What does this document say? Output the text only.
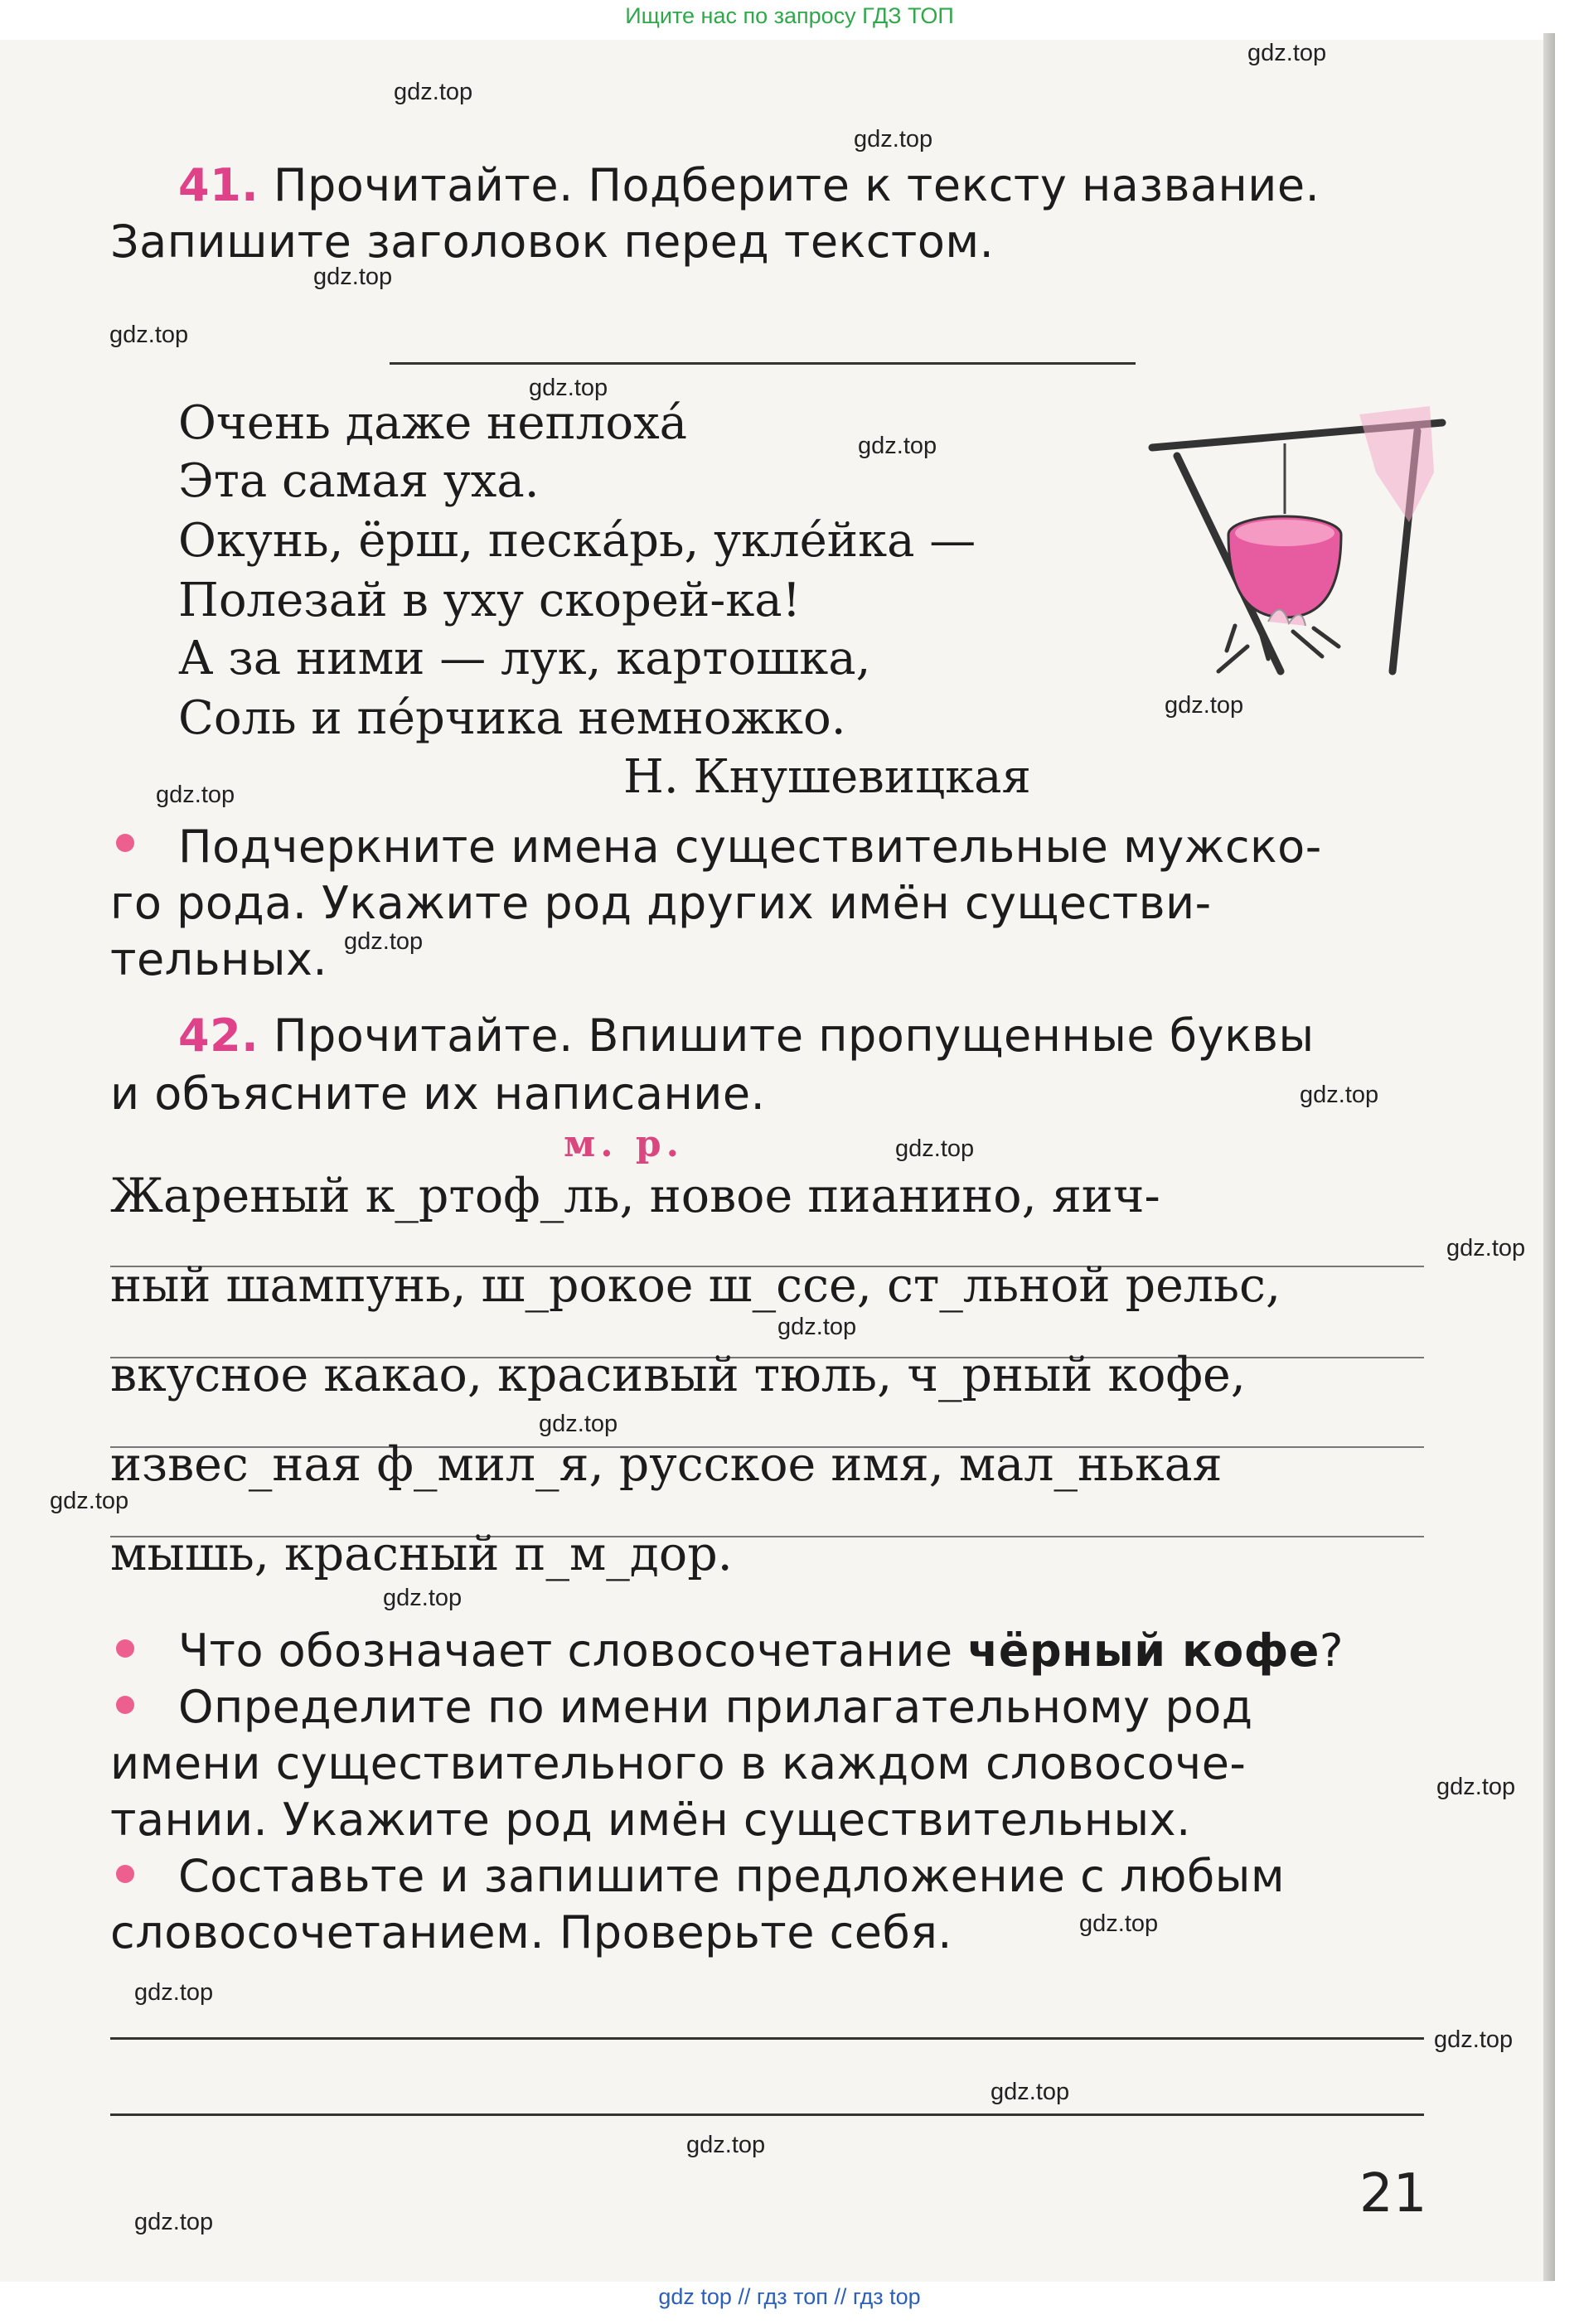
Ищите нас по запросу ГДЗ ТОП
gdz.top
gdz.top
gdz.top
gdz.top
gdz.top
gdz.top
gdz.top
gdz.top
gdz.top
gdz.top
gdz.top
gdz.top
gdz.top
gdz.top
gdz.top
gdz.top
gdz.top
gdz.top
gdz.top
gdz.top
gdz.top
gdz.top
gdz.top
gdz.top
41. Прочитайте. Подберите к тексту название.
Запишите заголовок перед текстом.
Очень даже неплохá
Эта самая уха.
Окунь, ёрш, пескáрь, уклéйка —
Полезай в уху скорей-ка!
А за ними — лук, картошка,
Соль и пéрчика немножко.
Н. Кнушевицкая
Подчеркните имена существительные мужско-
го рода. Укажите род других имён существи-
тельных.
42. Прочитайте. Впишите пропущенные буквы
и объясните их написание.
м. р.
Жареный к_ртоф_ль, новое пианино, яич-
ный шампунь, ш_рокое ш_ссе, ст_льной рельс,
вкусное какао, красивый тюль, ч_рный кофе,
извес_ная ф_мил_я, русское имя, мал_нькая
мышь, красный п_м_дор.
Что обозначает словосочетание чёрный кофе?
Определите по имени прилагательному род
имени существительного в каждом словосоче-
тании. Укажите род имён существительных.
Составьте и запишите предложение с любым
словосочетанием. Проверьте себя.
21
gdz top // гдз топ // гдз top
